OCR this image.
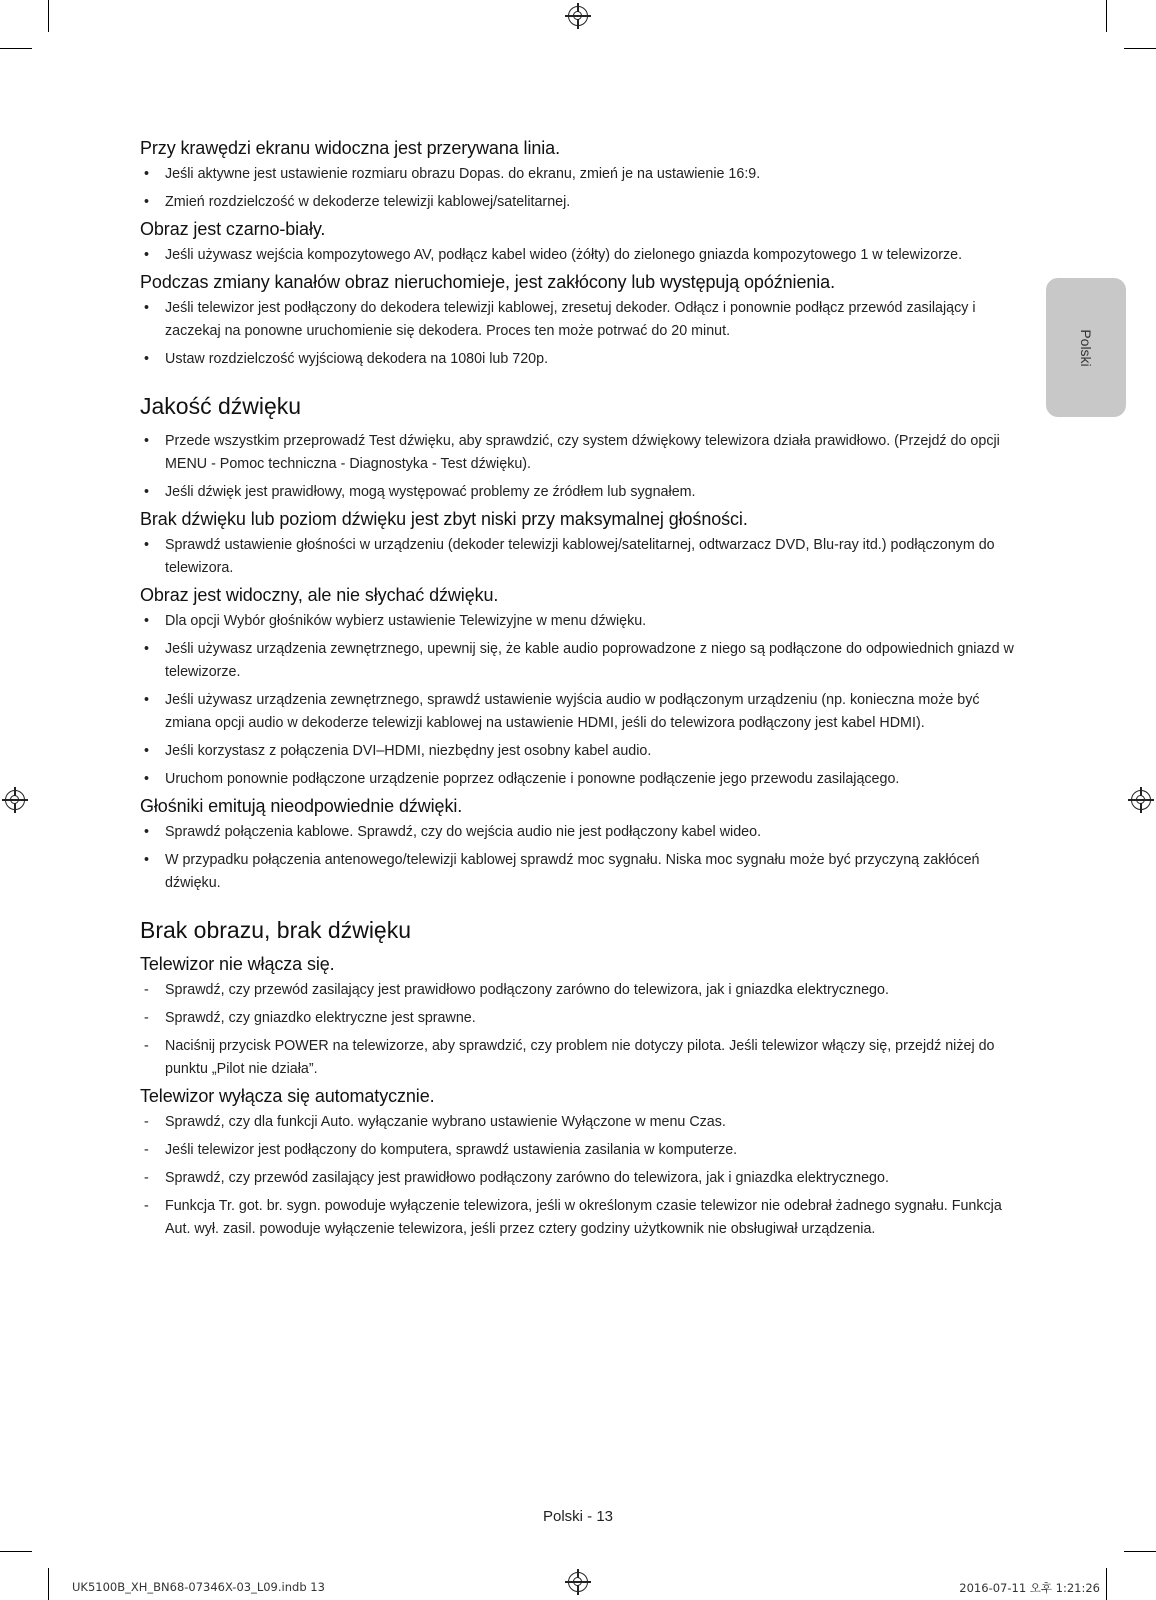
Polski
Przy krawędzi ekranu widoczna jest przerywana linia.
• Jeśli aktywne jest ustawienie rozmiaru obrazu Dopas. do ekranu, zmień je na ustawienie 16:9.
• Zmień rozdzielczość w dekoderze telewizji kablowej/satelitarnej.
Obraz jest czarno-biały.
• Jeśli używasz wejścia kompozytowego AV, podłącz kabel wideo (żółty) do zielonego gniazda kompozytowego 1 w telewizorze.
Podczas zmiany kanałów obraz nieruchomieje, jest zakłócony lub występują opóźnienia.
• Jeśli telewizor jest podłączony do dekodera telewizji kablowej, zresetuj dekoder. Odłącz i ponownie podłącz przewód zasilający i zaczekaj na ponowne uruchomienie się dekodera. Proces ten może potrwać do 20 minut.
• Ustaw rozdzielczość wyjściową dekodera na 1080i lub 720p.
Jakość dźwięku
• Przede wszystkim przeprowadź Test dźwięku, aby sprawdzić, czy system dźwiękowy telewizora działa prawidłowo. (Przejdź do opcji MENU - Pomoc techniczna - Diagnostyka - Test dźwięku).
• Jeśli dźwięk jest prawidłowy, mogą występować problemy ze źródłem lub sygnałem.
Brak dźwięku lub poziom dźwięku jest zbyt niski przy maksymalnej głośności.
• Sprawdź ustawienie głośności w urządzeniu (dekoder telewizji kablowej/satelitarnej, odtwarzacz DVD, Blu-ray itd.) podłączonym do telewizora.
Obraz jest widoczny, ale nie słychać dźwięku.
• Dla opcji Wybór głośników wybierz ustawienie Telewizyjne w menu dźwięku.
• Jeśli używasz urządzenia zewnętrznego, upewnij się, że kable audio poprowadzone z niego są podłączone do odpowiednich gniazd w telewizorze.
• Jeśli używasz urządzenia zewnętrznego, sprawdź ustawienie wyjścia audio w podłączonym urządzeniu (np. konieczna może być zmiana opcji audio w dekoderze telewizji kablowej na ustawienie HDMI, jeśli do telewizora podłączony jest kabel HDMI).
• Jeśli korzystasz z połączenia DVI–HDMI, niezbędny jest osobny kabel audio.
• Uruchom ponownie podłączone urządzenie poprzez odłączenie i ponowne podłączenie jego przewodu zasilającego.
Głośniki emitują nieodpowiednie dźwięki.
• Sprawdź połączenia kablowe. Sprawdź, czy do wejścia audio nie jest podłączony kabel wideo.
• W przypadku połączenia antenowego/telewizji kablowej sprawdź moc sygnału. Niska moc sygnału może być przyczyną zakłóceń dźwięku.
Brak obrazu, brak dźwięku
Telewizor nie włącza się.
- Sprawdź, czy przewód zasilający jest prawidłowo podłączony zarówno do telewizora, jak i gniazdka elektrycznego.
- Sprawdź, czy gniazdko elektryczne jest sprawne.
- Naciśnij przycisk POWER na telewizorze, aby sprawdzić, czy problem nie dotyczy pilota. Jeśli telewizor włączy się, przejdź niżej do punktu „Pilot nie działa”.
Telewizor wyłącza się automatycznie.
- Sprawdź, czy dla funkcji Auto. wyłączanie wybrano ustawienie Wyłączone w menu Czas.
- Jeśli telewizor jest podłączony do komputera, sprawdź ustawienia zasilania w komputerze.
- Sprawdź, czy przewód zasilający jest prawidłowo podłączony zarówno do telewizora, jak i gniazdka elektrycznego.
- Funkcja Tr. got. br. sygn. powoduje wyłączenie telewizora, jeśli w określonym czasie telewizor nie odebrał żadnego sygnału. Funkcja Aut. wył. zasil. powoduje wyłączenie telewizora, jeśli przez cztery godziny użytkownik nie obsługiwał urządzenia.
Polski - 13
UK5100B_XH_BN68-07346X-03_L09.indb 13	2016-07-11 오후 1:21:26
